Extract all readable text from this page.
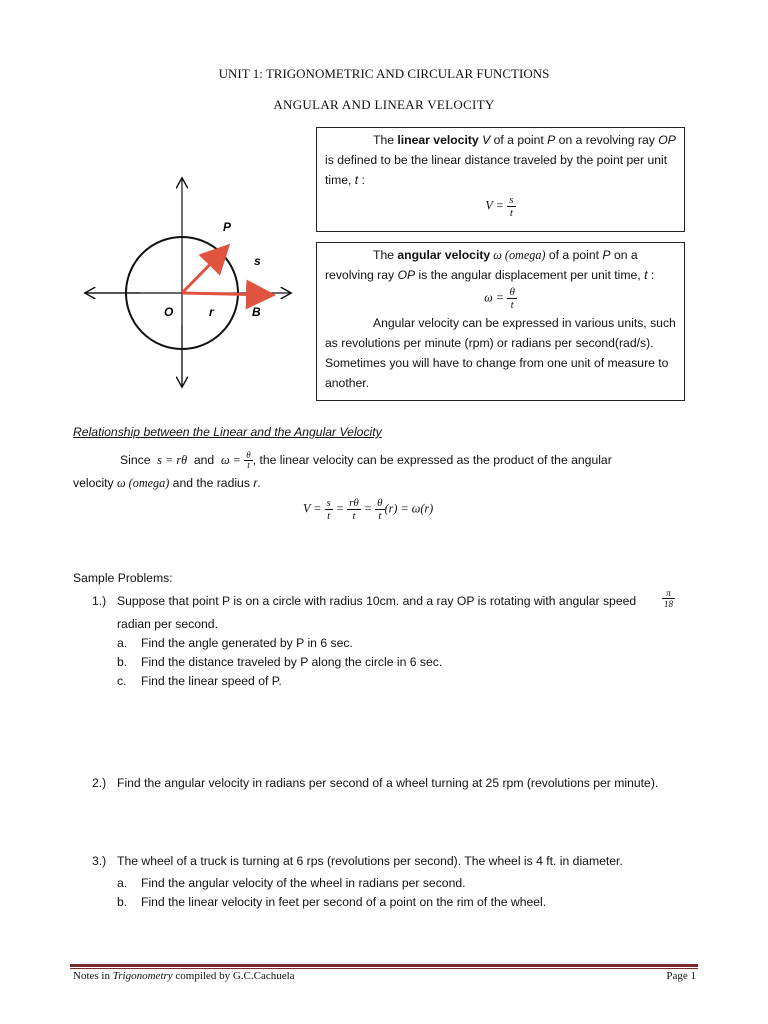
UNIT 1: TRIGONOMETRIC AND CIRCULAR FUNCTIONS
ANGULAR AND LINEAR VELOCITY
P
s
O	r	B

The linear velocity V of a point P on a revolving ray OP is defined to be the linear distance traveled by the point per unit time, t :

$V = \frac{s}{t}$

The angular velocity ω (omega) of a point P on a revolving ray OP is the angular displacement per unit time, t :

$\omega = \frac{\theta}{t}$

Angular velocity can be expressed in various units, such as revolutions per minute (rpm) or radians per second(rad/s). Sometimes you will have to change from one unit of measure to another.

Relationship between the Linear and the Angular Velocity
Since s = rθ and $\omega = \frac{\theta}{t}$ , the linear velocity can be expressed as the product of the angular
velocity ω (omega) and the radius r.
$V = \frac{s}{t} = \frac{r\theta}{t} = \frac{\theta}{t} (r) = \omega(r)$
Sample Problems:
1.) Suppose that point P is on a circle with radius 10cm. and a ray OP is rotating with angular speed	$\frac{\pi}{18}$
radian per second.
a. Find the angle generated by P in 6 sec.
b. Find the distance traveled by P along the circle in 6 sec.
c. Find the linear speed of P.
2.) Find the angular velocity in radians per second of a wheel turning at 25 rpm (revolutions per minute).
3.) The wheel of a truck is turning at 6 rps (revolutions per second). The wheel is 4 ft. in diameter.
a. Find the angular velocity of the wheel in radians per second.
b. Find the linear velocity in feet per second of a point on the rim of the wheel.
Notes in Trigonometry compiled by G.C.Cachuela	Page 1
